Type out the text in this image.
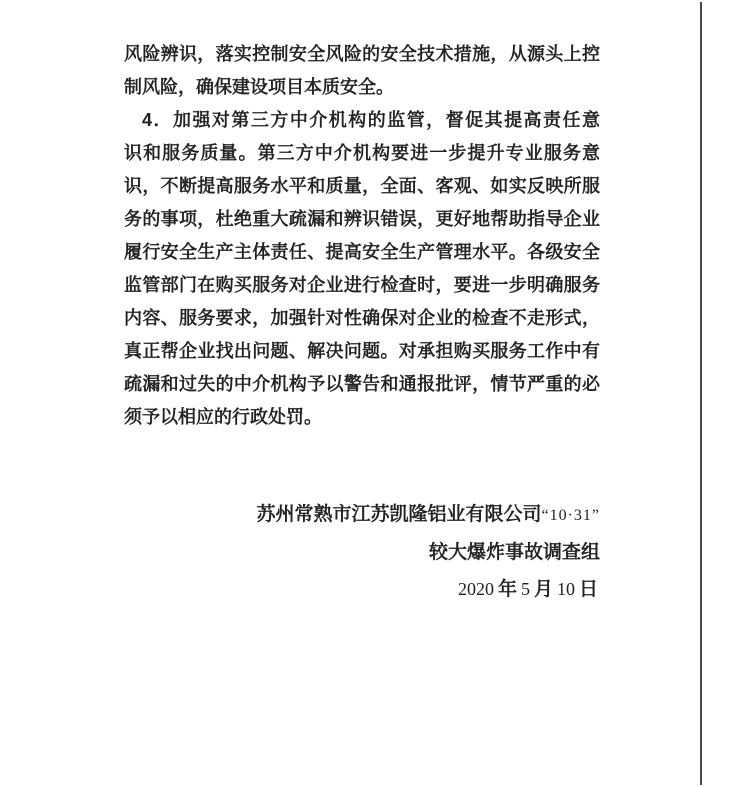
风险辨识，落实控制安全风险的安全技术措施，从源头上控
制风险，确保建设项目本质安全。
4．加强对第三方中介机构的监管，督促其提高责任意
识和服务质量。第三方中介机构要进一步提升专业服务意
识，不断提高服务水平和质量，全面、客观、如实反映所服
务的事项，杜绝重大疏漏和辨识错误，更好地帮助指导企业
履行安全生产主体责任、提高安全生产管理水平。各级安全
监管部门在购买服务对企业进行检查时，要进一步明确服务
内容、服务要求，加强针对性确保对企业的检查不走形式，
真正帮企业找出问题、解决问题。对承担购买服务工作中有
疏漏和过失的中介机构予以警告和通报批评，情节严重的必
须予以相应的行政处罚。
苏州常熟市江苏凯隆铝业有限公司“10·31”
较大爆炸事故调查组
2020 年 5 月 10 日
